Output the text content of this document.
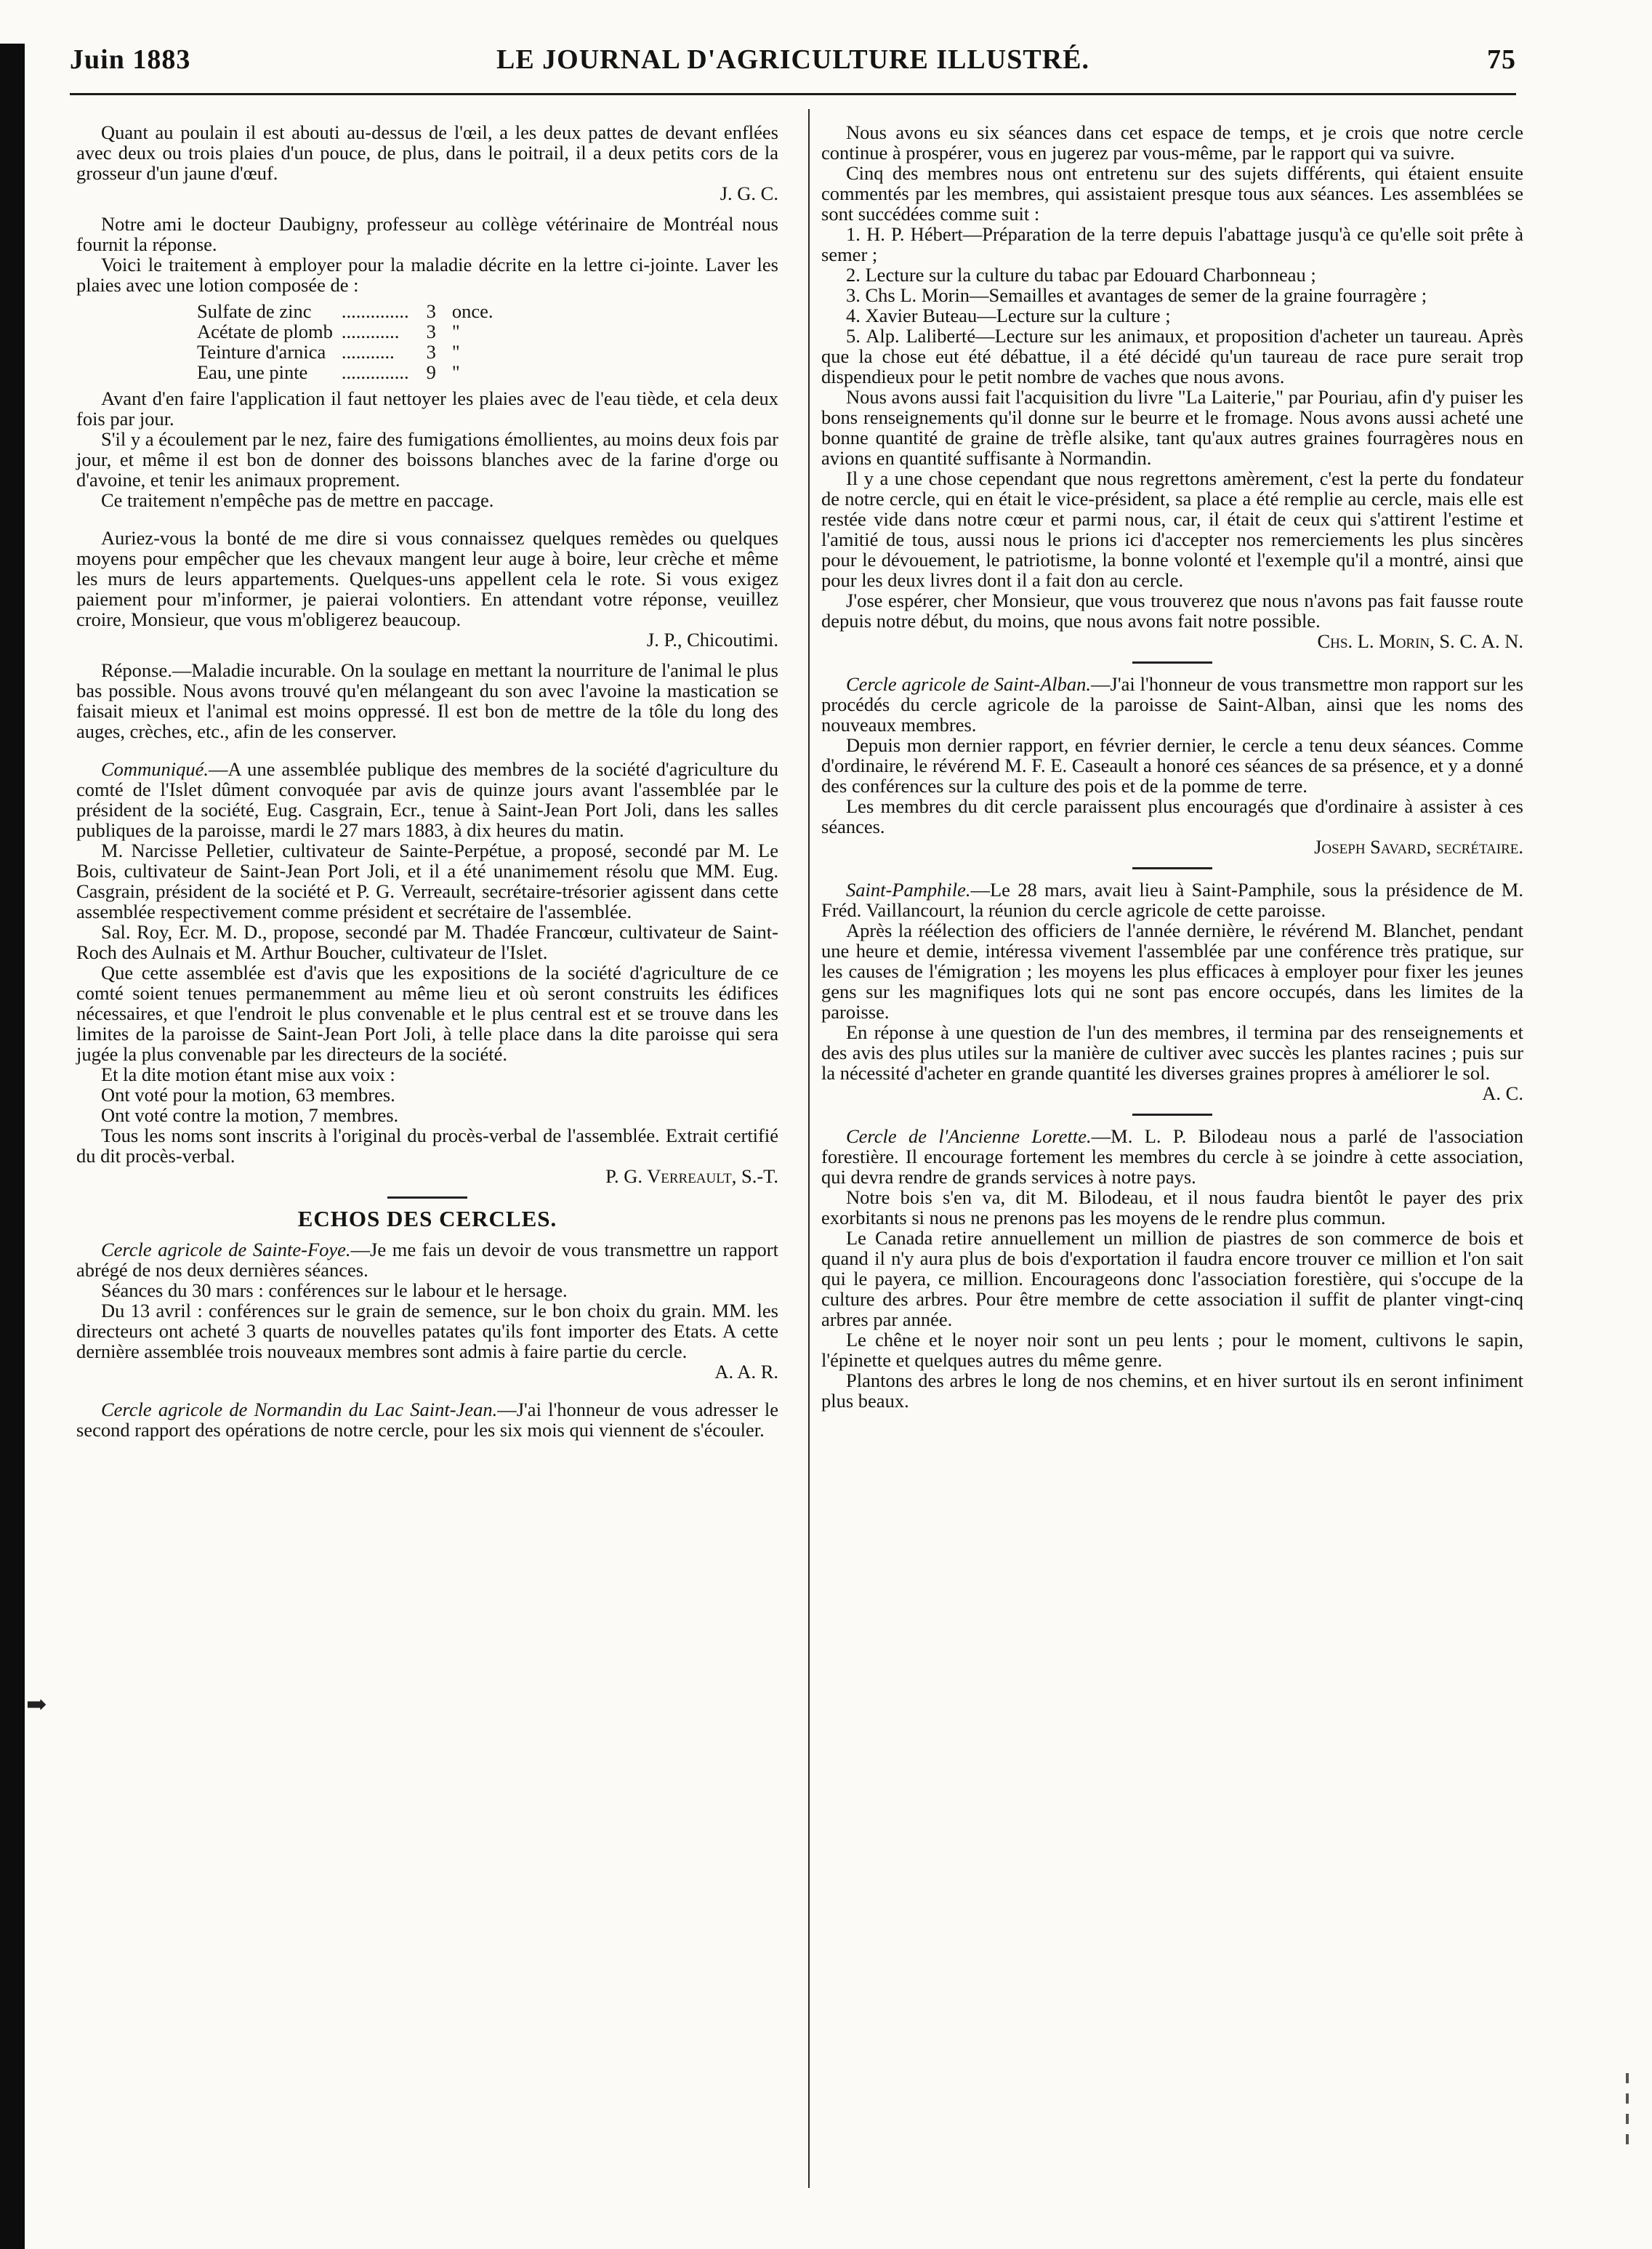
➡
Juin 1883	LE JOURNAL D'AGRICULTURE ILLUSTRÉ.	75

Quant au poulain il est abouti au-dessus de l'œil, a les deux pattes de devant enflées avec deux ou trois plaies d'un pouce, de plus, dans le poitrail, il a deux petits cors de la grosseur d'un jaune d'œuf.

J. G. C.

Notre ami le docteur Daubigny, professeur au collège vétérinaire de Montréal nous fournit la réponse.

Voici le traitement à employer pour la maladie décrite en la lettre ci-jointe. Laver les plaies avec une lotion composée de :

Sulfate de zinc	..............	3	once.
Acétate de plomb	............	3	"
Teinture d'arnica	...........	3	"
Eau, une pinte	..............	9	"

Avant d'en faire l'application il faut nettoyer les plaies avec de l'eau tiède, et cela deux fois par jour.

S'il y a écoulement par le nez, faire des fumigations émollientes, au moins deux fois par jour, et même il est bon de donner des boissons blanches avec de la farine d'orge ou d'avoine, et tenir les animaux proprement.

Ce traitement n'empêche pas de mettre en paccage.

Auriez-vous la bonté de me dire si vous connaissez quelques remèdes ou quelques moyens pour empêcher que les chevaux mangent leur auge à boire, leur crèche et même les murs de leurs appartements. Quelques-uns appellent cela le rote. Si vous exigez paiement pour m'informer, je paierai volontiers. En attendant votre réponse, veuillez croire, Monsieur, que vous m'obligerez beaucoup.

J. P., Chicoutimi.

Réponse.—Maladie incurable. On la soulage en mettant la nourriture de l'animal le plus bas possible. Nous avons trouvé qu'en mélangeant du son avec l'avoine la mastication se faisait mieux et l'animal est moins oppressé. Il est bon de mettre de la tôle du long des auges, crèches, etc., afin de les conserver.

Communiqué.—A une assemblée publique des membres de la société d'agriculture du comté de l'Islet dûment convoquée par avis de quinze jours avant l'assemblée par le président de la société, Eug. Casgrain, Ecr., tenue à Saint-Jean Port Joli, dans les salles publiques de la paroisse, mardi le 27 mars 1883, à dix heures du matin.

M. Narcisse Pelletier, cultivateur de Sainte-Perpétue, a proposé, secondé par M. Le Bois, cultivateur de Saint-Jean Port Joli, et il a été unanimement résolu que MM. Eug. Casgrain, président de la société et P. G. Verreault, secrétaire-trésorier agissent dans cette assemblée respectivement comme président et secrétaire de l'assemblée.

Sal. Roy, Ecr. M. D., propose, secondé par M. Thadée Francœur, cultivateur de Saint-Roch des Aulnais et M. Arthur Boucher, cultivateur de l'Islet.

Que cette assemblée est d'avis que les expositions de la société d'agriculture de ce comté soient tenues permanemment au même lieu et où seront construits les édifices nécessaires, et que l'endroit le plus convenable et le plus central est et se trouve dans les limites de la paroisse de Saint-Jean Port Joli, à telle place dans la dite paroisse qui sera jugée la plus convenable par les directeurs de la société.

Et la dite motion étant mise aux voix :

Ont voté pour la motion, 63 membres.

Ont voté contre la motion, 7 membres.

Tous les noms sont inscrits à l'original du procès-verbal de l'assemblée. Extrait certifié du dit procès-verbal.

P. G. Verreault, S.-T.

ECHOS DES CERCLES.

Cercle agricole de Sainte-Foye.—Je me fais un devoir de vous transmettre un rapport abrégé de nos deux dernières séances.

Séances du 30 mars : conférences sur le labour et le hersage.

Du 13 avril : conférences sur le grain de semence, sur le bon choix du grain. MM. les directeurs ont acheté 3 quarts de nouvelles patates qu'ils font importer des Etats. A cette dernière assemblée trois nouveaux membres sont admis à faire partie du cercle.

A. A. R.

Cercle agricole de Normandin du Lac Saint-Jean.—J'ai l'honneur de vous adresser le second rapport des opérations de notre cercle, pour les six mois qui viennent de s'écouler.

Nous avons eu six séances dans cet espace de temps, et je crois que notre cercle continue à prospérer, vous en jugerez par vous-même, par le rapport qui va suivre.

Cinq des membres nous ont entretenu sur des sujets différents, qui étaient ensuite commentés par les membres, qui assistaient presque tous aux séances. Les assemblées se sont succédées comme suit :

1. H. P. Hébert—Préparation de la terre depuis l'abattage jusqu'à ce qu'elle soit prête à semer ;

2. Lecture sur la culture du tabac par Edouard Charbonneau ;

3. Chs L. Morin—Semailles et avantages de semer de la graine fourragère ;

4. Xavier Buteau—Lecture sur la culture ;

5. Alp. Laliberté—Lecture sur les animaux, et proposition d'acheter un taureau. Après que la chose eut été débattue, il a été décidé qu'un taureau de race pure serait trop dispendieux pour le petit nombre de vaches que nous avons.

Nous avons aussi fait l'acquisition du livre "La Laiterie," par Pouriau, afin d'y puiser les bons renseignements qu'il donne sur le beurre et le fromage. Nous avons aussi acheté une bonne quantité de graine de trèfle alsike, tant qu'aux autres graines fourragères nous en avions en quantité suffisante à Normandin.

Il y a une chose cependant que nous regrettons amèrement, c'est la perte du fondateur de notre cercle, qui en était le vice-président, sa place a été remplie au cercle, mais elle est restée vide dans notre cœur et parmi nous, car, il était de ceux qui s'attirent l'estime et l'amitié de tous, aussi nous le prions ici d'accepter nos remerciements les plus sincères pour le dévouement, le patriotisme, la bonne volonté et l'exemple qu'il a montré, ainsi que pour les deux livres dont il a fait don au cercle.

J'ose espérer, cher Monsieur, que vous trouverez que nous n'avons pas fait fausse route depuis notre début, du moins, que nous avons fait notre possible.

Chs. L. Morin, S. C. A. N.

Cercle agricole de Saint-Alban.—J'ai l'honneur de vous transmettre mon rapport sur les procédés du cercle agricole de la paroisse de Saint-Alban, ainsi que les noms des nouveaux membres.

Depuis mon dernier rapport, en février dernier, le cercle a tenu deux séances. Comme d'ordinaire, le révérend M. F. E. Caseault a honoré ces séances de sa présence, et y a donné des conférences sur la culture des pois et de la pomme de terre.

Les membres du dit cercle paraissent plus encouragés que d'ordinaire à assister à ces séances.

Joseph Savard, secrétaire.

Saint-Pamphile.—Le 28 mars, avait lieu à Saint-Pamphile, sous la présidence de M. Fréd. Vaillancourt, la réunion du cercle agricole de cette paroisse.

Après la réélection des officiers de l'année dernière, le révérend M. Blanchet, pendant une heure et demie, intéressa vivement l'assemblée par une conférence très pratique, sur les causes de l'émigration ; les moyens les plus efficaces à employer pour fixer les jeunes gens sur les magnifiques lots qui ne sont pas encore occupés, dans les limites de la paroisse.

En réponse à une question de l'un des membres, il termina par des renseignements et des avis des plus utiles sur la manière de cultiver avec succès les plantes racines ; puis sur la nécessité d'acheter en grande quantité les diverses graines propres à améliorer le sol.

A. C.

Cercle de l'Ancienne Lorette.—M. L. P. Bilodeau nous a parlé de l'association forestière. Il encourage fortement les membres du cercle à se joindre à cette association, qui devra rendre de grands services à notre pays.

Notre bois s'en va, dit M. Bilodeau, et il nous faudra bientôt le payer des prix exorbitants si nous ne prenons pas les moyens de le rendre plus commun.

Le Canada retire annuellement un million de piastres de son commerce de bois et quand il n'y aura plus de bois d'exportation il faudra encore trouver ce million et l'on sait qui le payera, ce million. Encourageons donc l'association forestière, qui s'occupe de la culture des arbres. Pour être membre de cette association il suffit de planter vingt-cinq arbres par année.

Le chêne et le noyer noir sont un peu lents ; pour le moment, cultivons le sapin, l'épinette et quelques autres du même genre.

Plantons des arbres le long de nos chemins, et en hiver surtout ils en seront infiniment plus beaux.
